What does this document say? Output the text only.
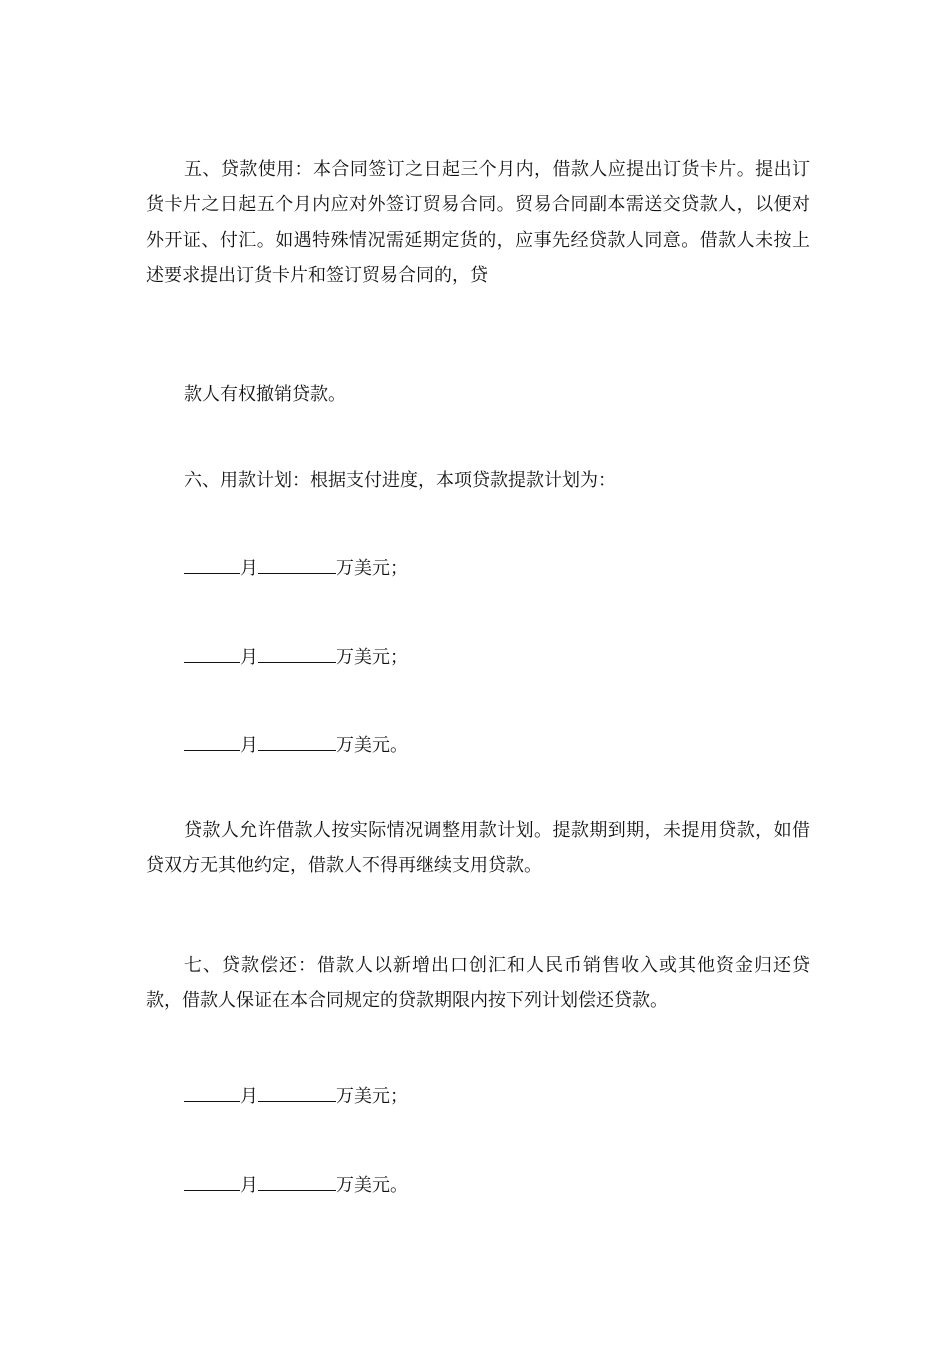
五、贷款使用：本合同签订之日起三个月内，借款人应提出订货卡片。提出订货卡片之日起五个月内应对外签订贸易合同。贸易合同副本需送交贷款人，以便对外开证、付汇。如遇特殊情况需延期定货的，应事先经贷款人同意。借款人未按上述要求提出订货卡片和签订贸易合同的，贷

款人有权撤销贷款。

六、用款计划：根据支付进度，本项贷款提款计划为：

月	万美元；
月	万美元；
月	万美元。

贷款人允许借款人按实际情况调整用款计划。提款期到期，未提用贷款，如借贷双方无其他约定，借款人不得再继续支用贷款。

七、贷款偿还：借款人以新增出口创汇和人民币销售收入或其他资金归还贷款，借款人保证在本合同规定的贷款期限内按下列计划偿还贷款。

月	万美元；
月	万美元。
